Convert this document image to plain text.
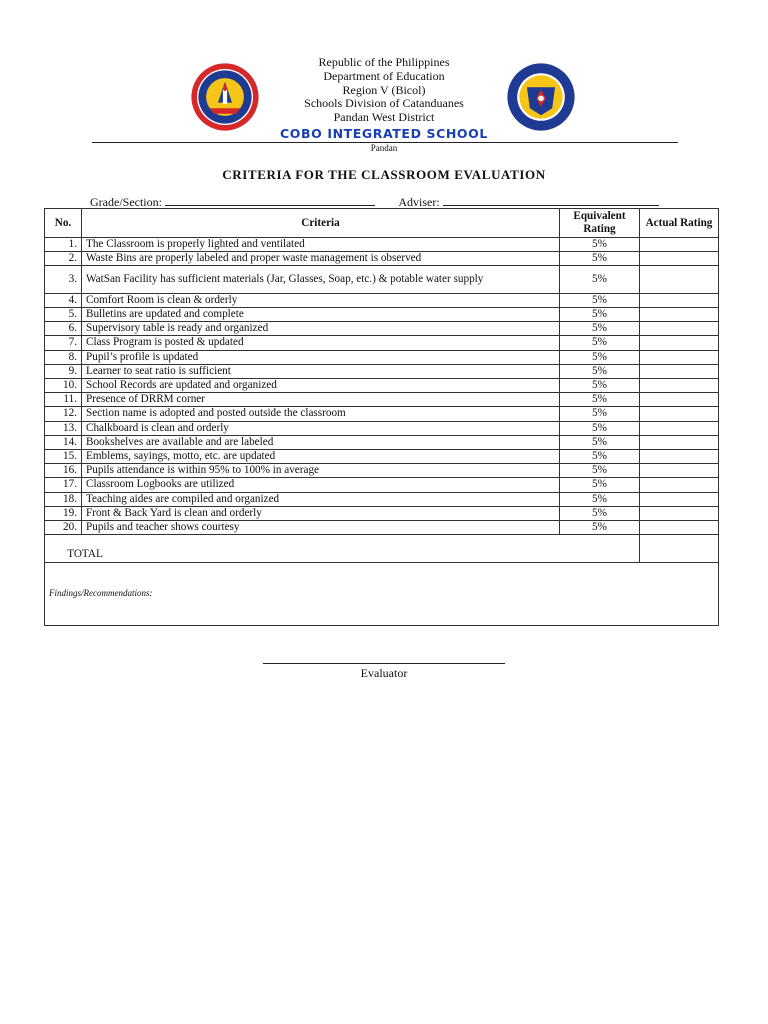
Republic of the Philippines
Department of Education
Region V (Bicol)
Schools Division of Catanduanes
Pandan West District
COBO INTEGRATED SCHOOL
Pandan
CRITERIA FOR THE CLASSROOM EVALUATION
Grade/Section:	Adviser:
No.	Criteria	Equivalent Rating	Actual Rating
1.	The Classroom is properly lighted and ventilated	5%	
2.	Waste Bins are properly labeled and proper waste management is observed	5%	
3.	WatSan Facility has sufficient materials (Jar, Glasses, Soap, etc.) & potable water supply	5%	
4.	Comfort Room is clean & orderly	5%	
5.	Bulletins are updated and complete	5%	
6.	Supervisory table is ready and organized	5%	
7.	Class Program is posted & updated	5%	
8.	Pupil’s profile is updated	5%	
9.	Learner to seat ratio is sufficient	5%	
10.	School Records are updated and organized	5%	
11.	Presence of DRRM corner	5%	
12.	Section name is adopted and posted outside the classroom	5%	
13.	Chalkboard is clean and orderly	5%	
14.	Bookshelves are available and are labeled	5%	
15.	Emblems, sayings, motto, etc. are updated	5%	
16.	Pupils attendance is within 95% to 100% in average	5%	
17.	Classroom Logbooks are utilized	5%	
18.	Teaching aides are compiled and organized	5%	
19.	Front & Back Yard is clean and orderly	5%	
20.	Pupils and teacher shows courtesy	5%	
TOTAL			
Findings/Recommendations:			
Evaluator
